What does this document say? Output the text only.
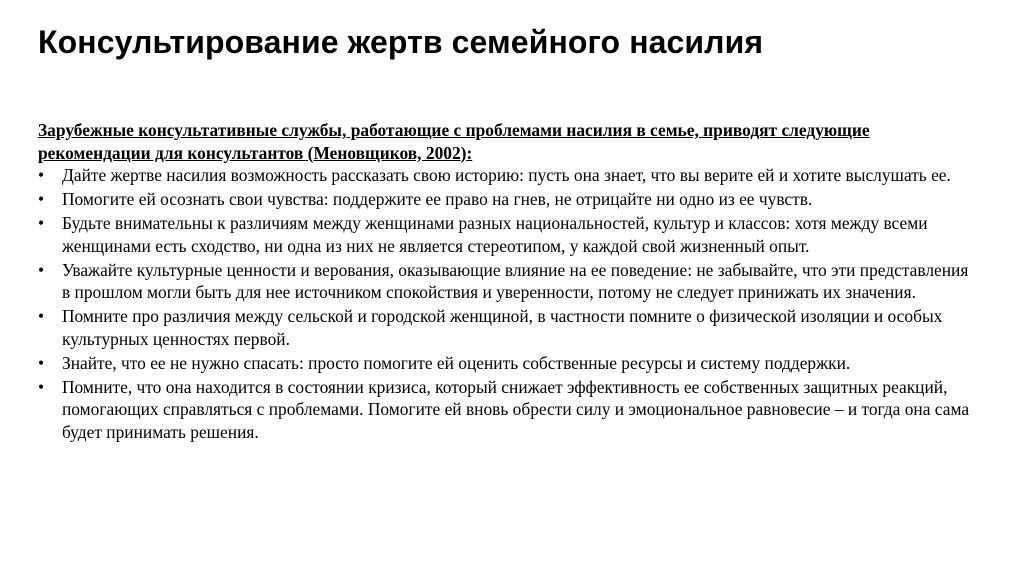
Консультирование жертв семейного насилия

Зарубежные консультативные службы, работающие с проблемами насилия в семье, приводят следующие рекомендации для консультантов (Меновщиков, 2002):

•	Дайте жертве насилия возможность рассказать свою историю: пусть она знает, что вы верите ей и хотите выслушать ее.
•	Помогите ей осознать свои чувства: поддержите ее право на гнев, не отрицайте ни одно из ее чувств.
•	Будьте внимательны к различиям между женщинами разных национальностей, культур и классов: хотя между всеми женщинами есть сходство, ни одна из них не является стереотипом, у каждой свой жизненный опыт.
•	Уважайте культурные ценности и верования, оказывающие влияние на ее поведение: не забывайте, что эти представления в прошлом могли быть для нее источником спокойствия и уверенности, потому не следует принижать их значения.
•	Помните про различия между сельской и городской женщиной, в частности помните о физической изоляции и особых культурных ценностях первой.
•	Знайте, что ее не нужно спасать: просто помогите ей оценить собственные ресурсы и систему поддержки.
•	Помните, что она находится в состоянии кризиса, который снижает эффективность ее собственных защитных реакций, помогающих справляться с проблемами. Помогите ей вновь обрести силу и эмоциональное равновесие – и тогда она сама будет принимать решения.
